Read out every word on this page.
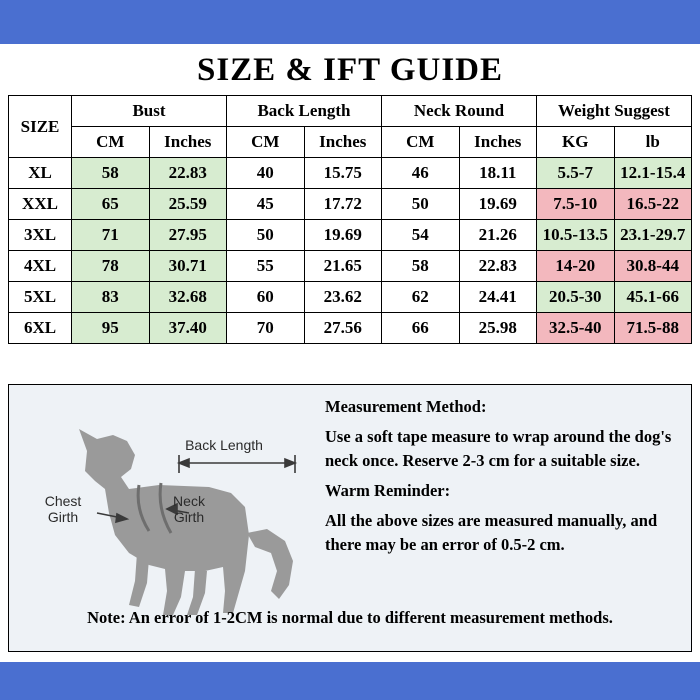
SIZE & IFT GUIDE
SIZE	Bust		Back Length		Neck Round		Weight Suggest	
	CM	Inches	CM	Inches	CM	Inches	KG	lb
XL	58	22.83	40	15.75	46	18.11	5.5-7	12.1-15.4
XXL	65	25.59	45	17.72	50	19.69	7.5-10	16.5-22
3XL	71	27.95	50	19.69	54	21.26	10.5-13.5	23.1-29.7
4XL	78	30.71	55	21.65	58	22.83	14-20	30.8-44
5XL	83	32.68	60	23.62	62	24.41	20.5-30	45.1-66
6XL	95	37.40	70	27.56	66	25.98	32.5-40	71.5-88
Back Length
Chest
Girth
Neck
Girth

Measurement Method:

Use a soft tape measure to wrap around the dog's neck once. Reserve 2-3 cm for a suitable size.

Warm Reminder:

All the above sizes are measured manually, and there may be an error of 0.5-2 cm.

Note: An error of 1-2CM is normal due to different measurement methods.
